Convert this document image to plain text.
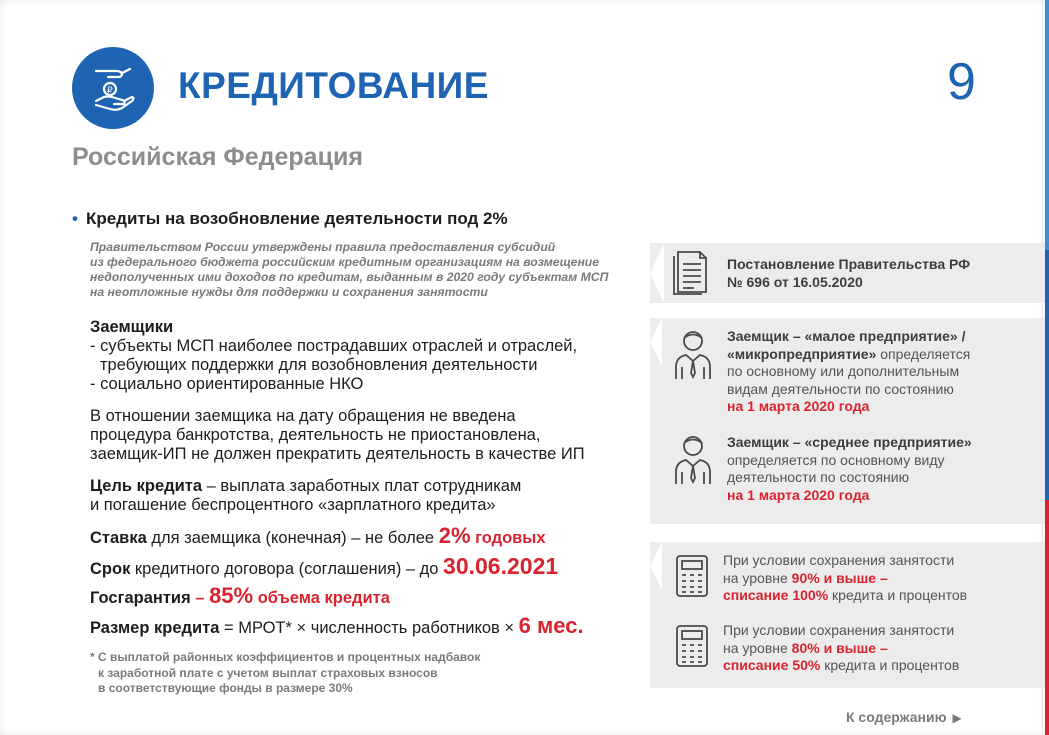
₽ КРЕДИТОВАНИЕ	9
Российская Федерация
• Кредиты на возобновление деятельности под 2%
Правительством России утверждены правила предоставления субсидий
из федерального бюджета российским кредитным организациям на возмещение
недополученных ими доходов по кредитам, выданным в 2020 году субъектам МСП
на неотложные нужды для поддержки и сохранения занятости
Заемщики
- субъекты МСП наиболее пострадавших отраслей и отраслей,
требующих поддержки для возобновления деятельности
- социально ориентированные НКО
В отношении заемщика на дату обращения не введена
процедура банкротства, деятельность не приостановлена,
заемщик-ИП не должен прекратить деятельность в качестве ИП
Цель кредита – выплата заработных плат сотрудникам
и погашение беспроцентного «зарплатного кредита»
Ставка для заемщика (конечная) – не более 2% годовых
Срок кредитного договора (соглашения) – до 30.06.2021
Госгарантия – 85% объема кредита
Размер кредита = МРОТ* × численность работников × 6 мес.
* С выплатой районных коэффициентов и процентных надбавок
к заработной плате с учетом выплат страховых взносов
в соответствующие фонды в размере 30%
Постановление Правительства РФ
№ 696 от 16.05.2020
Заемщик – «малое предприятие» /
«микропредприятие» определяется
по основному или дополнительным
видам деятельности по состоянию
на 1 марта 2020 года
Заемщик – «среднее предприятие»
определяется по основному виду
деятельности по состоянию
на 1 марта 2020 года
При условии сохранения занятости
на уровне 90% и выше –
списание 100% кредита и процентов
При условии сохранения занятости
на уровне 80% и выше –
списание 50% кредита и процентов
К содержанию ▶
